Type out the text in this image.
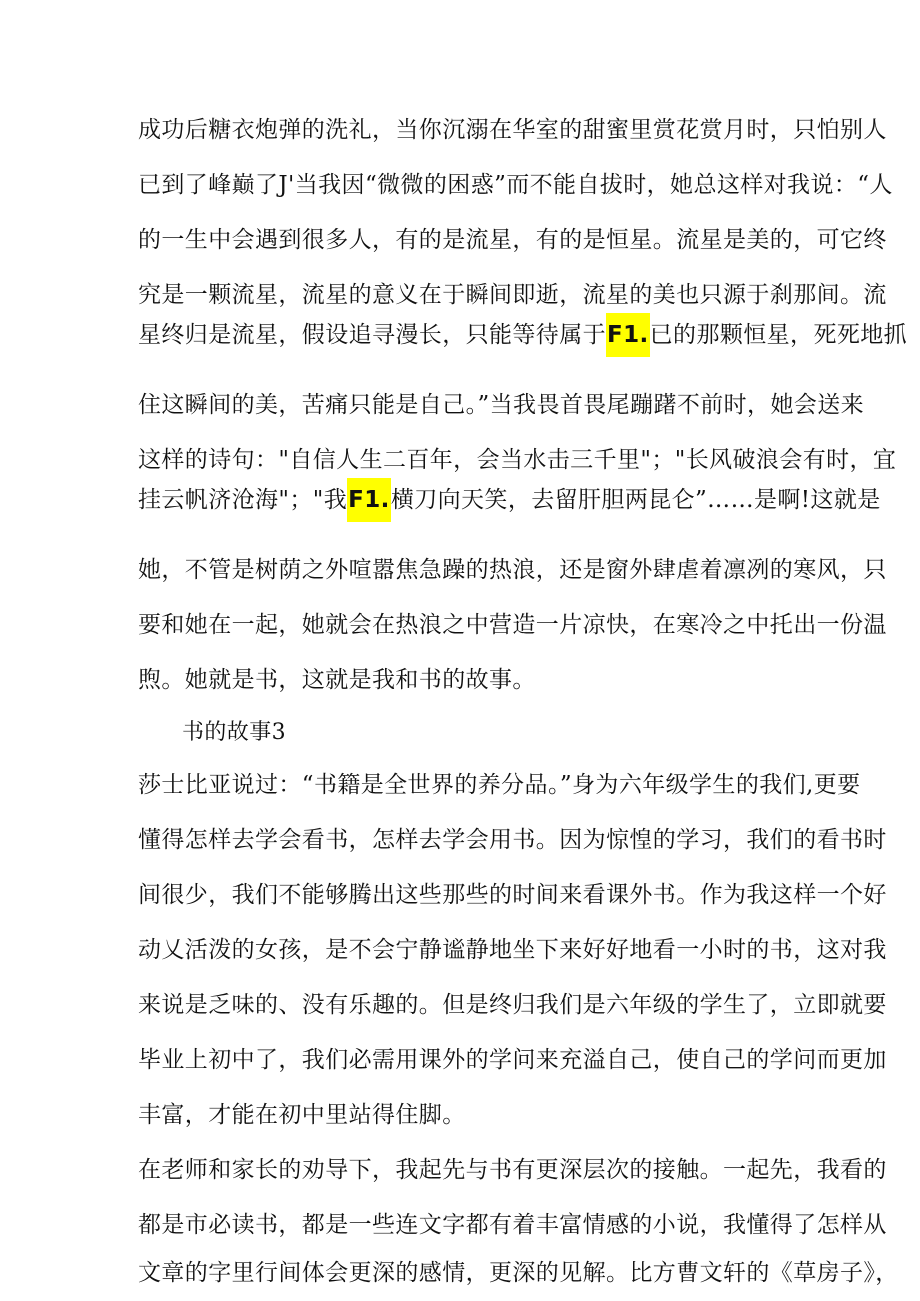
成功后糖衣炮弹的洗礼，当你沉溺在华室的甜蜜里赏花赏月时，只怕别人
已到了峰巅了J'当我因“微微的困惑”而不能自拔时，她总这样对我说：“人
的一生中会遇到很多人，有的是流星，有的是恒星。流星是美的，可它终
究是一颗流星，流星的意义在于瞬间即逝，流星的美也只源于刹那间。流
星终归是流星，假设追寻漫长，只能等待属于F1.已的那颗恒星，死死地抓
住这瞬间的美，苦痛只能是自己。”当我畏首畏尾蹦躇不前时，她会送来
这样的诗句："自信人生二百年，会当水击三千里"；"长风破浪会有时，宜
挂云帆济沧海"；"我F1.横刀向天笑，去留肝胆两昆仑”……是啊!这就是
她，不管是树荫之外喧嚣焦急躁的热浪，还是窗外肆虐着凛冽的寒风，只
要和她在一起，她就会在热浪之中营造一片凉快，在寒冷之中托出一份温
煦。她就是书，这就是我和书的故事。
书的故事3
莎士比亚说过：“书籍是全世界的养分品。”身为六年级学生的我们,更要
懂得怎样去学会看书，怎样去学会用书。因为惊惶的学习，我们的看书时
间很少，我们不能够腾出这些那些的时间来看课外书。作为我这样一个好
动乂活泼的女孩，是不会宁静谧静地坐下来好好地看一小时的书，这对我
来说是乏味的、没有乐趣的。但是终归我们是六年级的学生了，立即就要
毕业上初中了，我们必需用课外的学问来充溢自己，使自己的学问而更加
丰富，才能在初中里站得住脚。
在老师和家长的劝导下，我起先与书有更深层次的接触。一起先，我看的
都是市必读书，都是一些连文字都有着丰富情感的小说，我懂得了怎样从
文章的字里行间体会更深的感情，更深的见解。比方曹文轩的《草房子》，
